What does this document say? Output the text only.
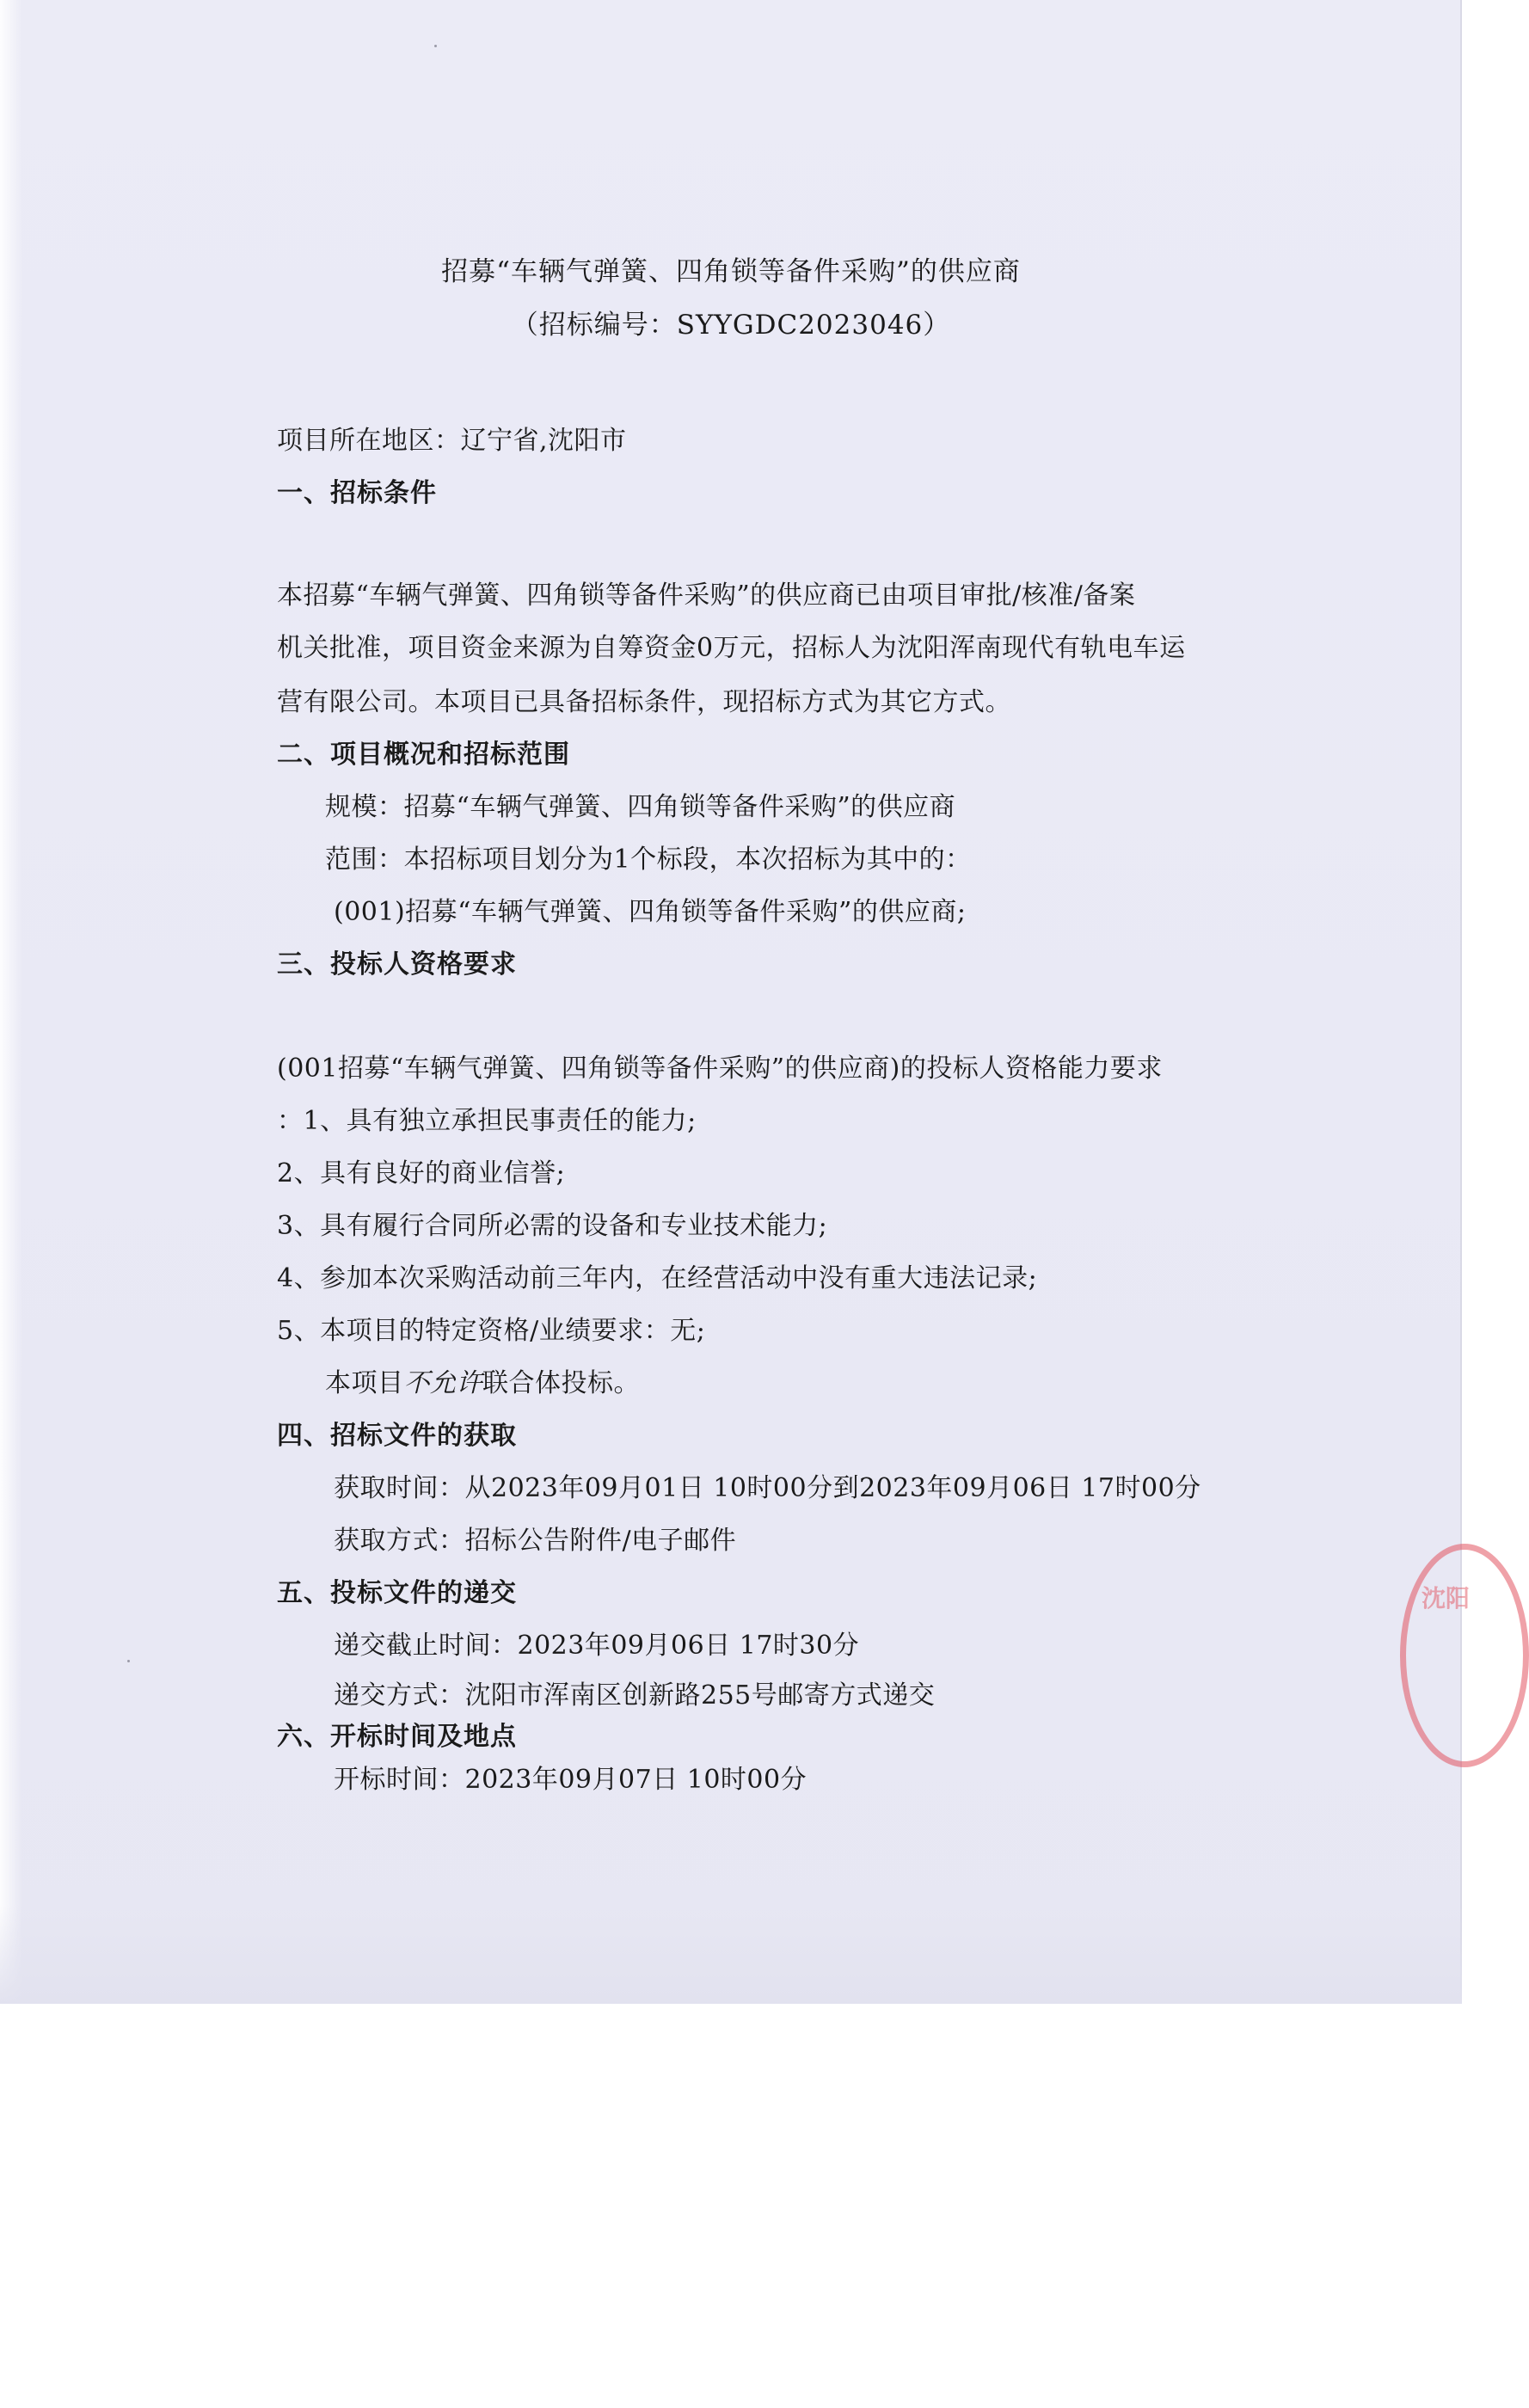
招募“车辆气弹簧、四角锁等备件采购”的供应商
（招标编号：SYYGDC2023046）
项目所在地区：辽宁省,沈阳市
一、招标条件
本招募“车辆气弹簧、四角锁等备件采购”的供应商已由项目审批/核准/备案
机关批准，项目资金来源为自筹资金0万元，招标人为沈阳浑南现代有轨电车运
营有限公司。本项目已具备招标条件，现招标方式为其它方式。
二、项目概况和招标范围
规模：招募“车辆气弹簧、四角锁等备件采购”的供应商
范围：本招标项目划分为1个标段，本次招标为其中的：
(001)招募“车辆气弹簧、四角锁等备件采购”的供应商;
三、投标人资格要求
(001招募“车辆气弹簧、四角锁等备件采购”的供应商)的投标人资格能力要求
：1、具有独立承担民事责任的能力;
2、具有良好的商业信誉;
3、具有履行合同所必需的设备和专业技术能力;
4、参加本次采购活动前三年内，在经营活动中没有重大违法记录;
5、本项目的特定资格/业绩要求：无;
本项目不允许联合体投标。
四、招标文件的获取
获取时间：从2023年09月01日 10时00分到2023年09月06日 17时00分
获取方式：招标公告附件/电子邮件
五、投标文件的递交
递交截止时间：2023年09月06日 17时30分
递交方式：沈阳市浑南区创新路255号邮寄方式递交
六、开标时间及地点
开标时间：2023年09月07日 10时00分
沈阳
